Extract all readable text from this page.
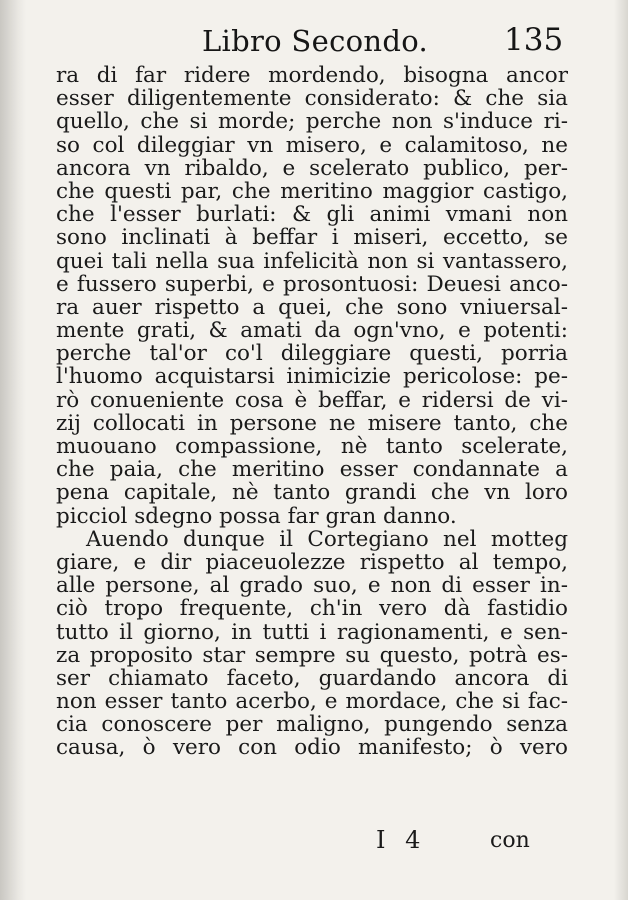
Libro Secondo. 135
ra di far ridere mordendo, bisogna ancor
esser diligentemente considerato: & che sia
quello, che si morde; perche non s'induce ri-
so col dileggiar vn misero, e calamitoso, ne
ancora vn ribaldo, e scelerato publico, per-
che questi par, che meritino maggior castigo,
che l'esser burlati: & gli animi vmani non
sono inclinati à beffar i miseri, eccetto, se
quei tali nella sua infelicità non si vantassero,
e fussero superbi, e prosontuosi: Deuesi anco-
ra auer rispetto a quei, che sono vniuersal-
mente grati, & amati da ogn'vno, e potenti:
perche tal'or co'l dileggiare questi, porria
l'huomo acquistarsi inimicizie pericolose: pe-
rò conueniente cosa è beffar, e ridersi de vi-
zij collocati in persone ne misere tanto, che
muouano compassione, nè tanto scelerate,
che paia, che meritino esser condannate a
pena capitale, nè tanto grandi che vn loro
picciol sdegno possa far gran danno.
Auendo dunque il Cortegiano nel motteg
giare, e dir piaceuolezze rispetto al tempo,
alle persone, al grado suo, e non di esser in-
ciò tropo frequente, ch'in vero dà fastidio
tutto il giorno, in tutti i ragionamenti, e sen-
za proposito star sempre su questo, potrà es-
ser chiamato faceto, guardando ancora di
non esser tanto acerbo, e mordace, che si fac-
cia conoscere per maligno, pungendo senza
causa, ò vero con odio manifesto; ò vero
I 4	con
